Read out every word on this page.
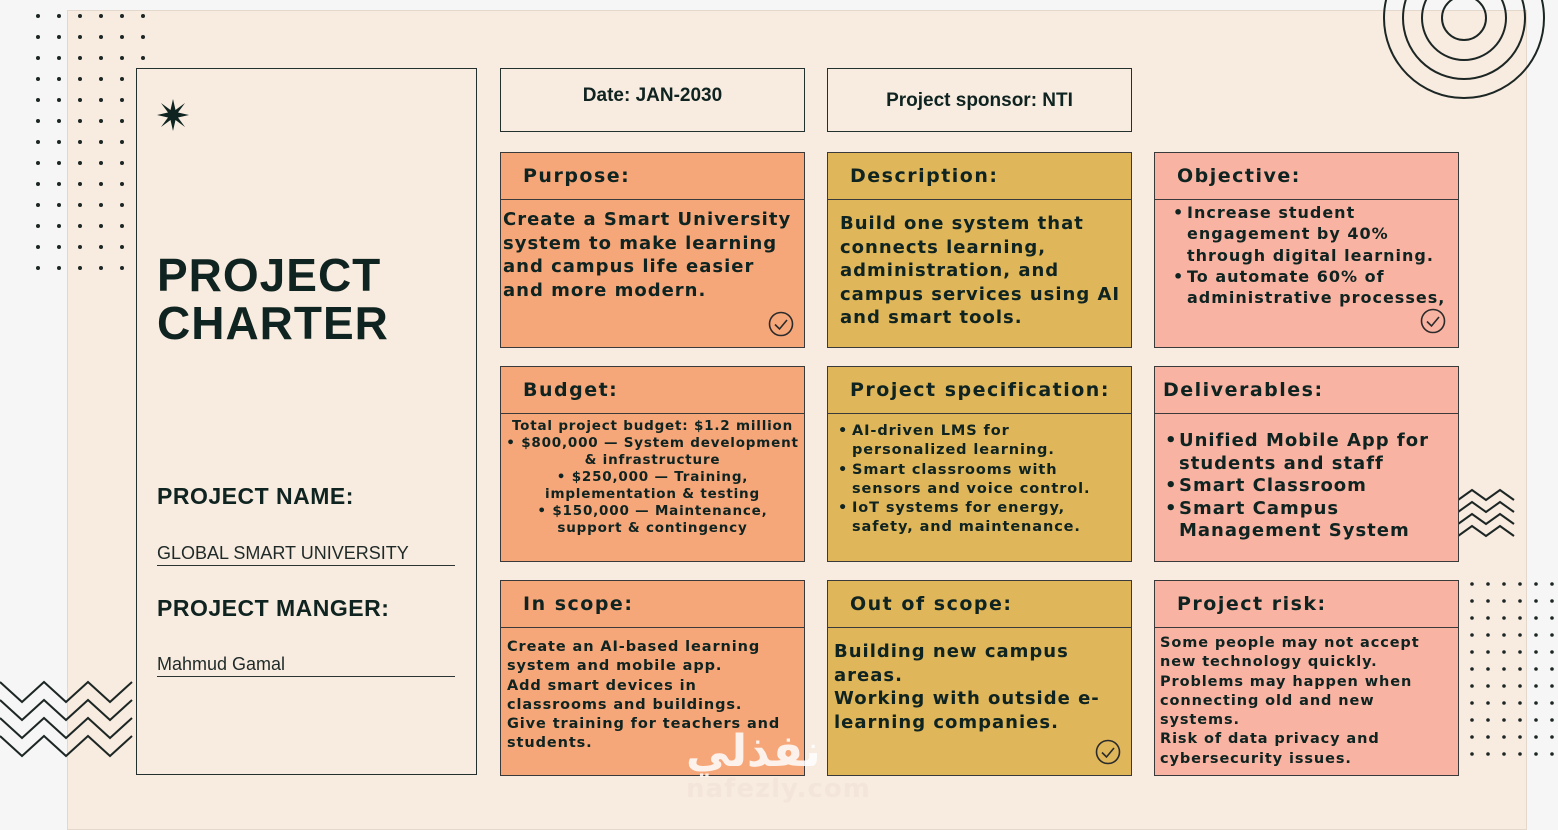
PROJECT
CHARTER
PROJECT NAME:
GLOBAL SMART UNIVERSITY
PROJECT MANGER:
Mahmud Gamal
Date: JAN-2030	Project sponsor: NTI
Purpose:

Create a Smart University system to make learning and campus life easier and more modern.

Description:

Build one system that connects learning, administration, and campus services using AI and smart tools.

Objective:
• Increase student engagement by 40% through digital learning.
• To automate 60% of administrative processes,
Budget:

Total project budget: $1.2 million

• $800,000 — System development & infrastructure

• $250,000 — Training, implementation & testing

• $150,000 — Maintenance, support & contingency

Project specification:
• AI-driven LMS for personalized learning.
• Smart classrooms with sensors and voice control.
• IoT systems for energy, safety, and maintenance.
Deliverables:
• Unified Mobile App for students and staff
• Smart Classroom
• Smart Campus Management System
In scope:

Create an AI-based learning system and mobile app.

Add smart devices in classrooms and buildings.

Give training for teachers and students.

Out of scope:

Building new campus areas.

Working with outside e-learning companies.

Project risk:

Some people may not accept new technology quickly.

Problems may happen when connecting old and new systems.

Risk of data privacy and cybersecurity issues.

نفذلي
nafezly.com
